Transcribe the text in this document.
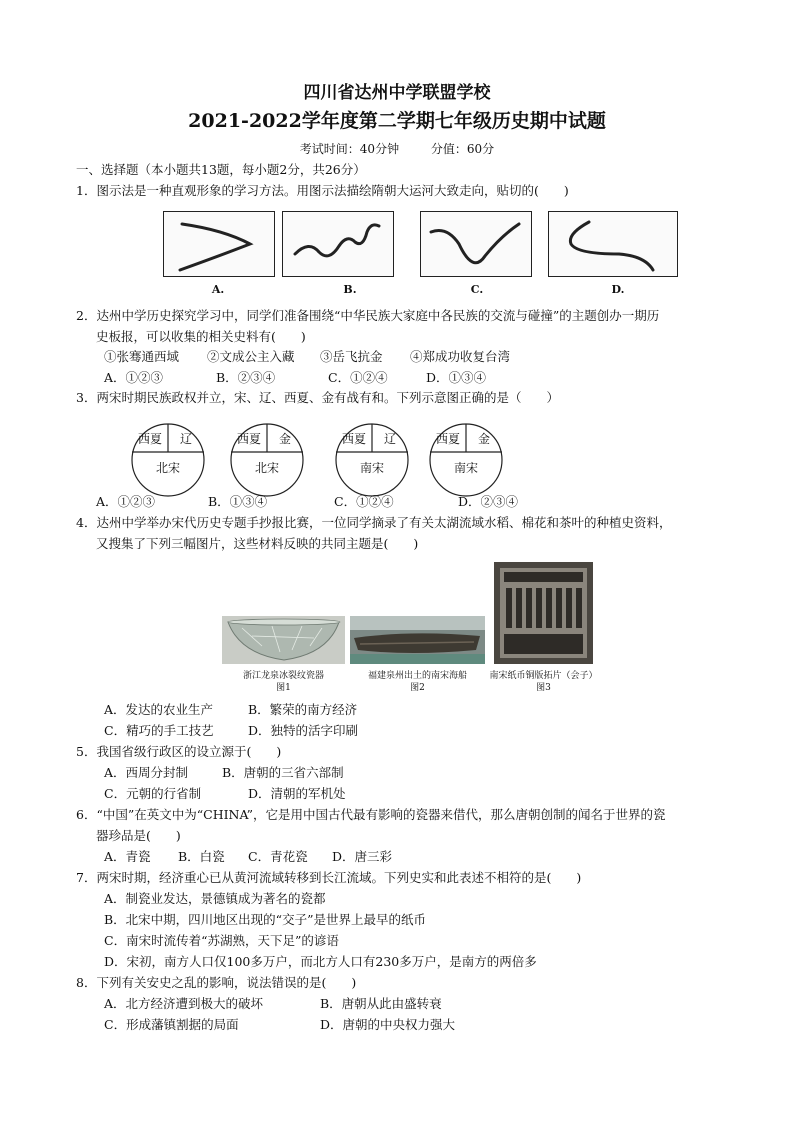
四川省达州中学联盟学校
2021-2022学年度第二学期七年级历史期中试题
考试时间：40分钟	分值：60分
一、选择题（本小题共13题，每小题2分，共26分）
1．图示法是一种直观形象的学习方法。用图示法描绘隋朝大运河大致走向，贴切的(　　)
A.	B.	C.	D.
2．达州中学历史探究学习中，同学们准备围绕“中华民族大家庭中各民族的交流与碰撞”的主题创办一期历
史板报，可以收集的相关史料有(　　)
①张骞通西域 ②文成公主入藏 ③岳飞抗金 ④郑成功收复台湾
A．①②③	B．②③④	C．①②④	D．①③④
3．两宋时期民族政权并立，宋、辽、西夏、金有战有和。下列示意图正确的是（　　）
西夏	辽
北宋
西夏	金
北宋
西夏	辽
南宋
西夏	金
南宋
A．①②③	B．①③④	C．①②④	D．②③④
4．达州中学举办宋代历史专题手抄报比赛，一位同学摘录了有关太湖流域水稻、棉花和茶叶的种植史资料，
又搜集了下列三幅图片，这些材料反映的共同主题是(　　)
浙江龙泉冰裂纹瓷器
图1
福建泉州出土的南宋海船
图2
南宋纸币铜版拓片（会子）
图3
A．发达的农业生产	B．繁荣的南方经济
C．精巧的手工技艺	D．独特的活字印刷
5．我国省级行政区的设立源于(　　)
A．西周分封制	B．唐朝的三省六部制
C．元朝的行省制	D．清朝的军机处
6．“中国”在英文中为“CHINA”，它是用中国古代最有影响的瓷器来借代，那么唐朝创制的闻名于世界的瓷
器珍品是(　　)
A．青瓷 B．白瓷 C．青花瓷 D．唐三彩
7．两宋时期，经济重心已从黄河流域转移到长江流域。下列史实和此表述不相符的是(　　)
A．制瓷业发达，景德镇成为著名的瓷都
B．北宋中期，四川地区出现的“交子”是世界上最早的纸币
C．南宋时流传着“苏湖熟，天下足”的谚语
D．宋初，南方人口仅100多万户，而北方人口有230多万户，是南方的两倍多
8．下列有关安史之乱的影响，说法错误的是(　　)
A．北方经济遭到极大的破坏	B．唐朝从此由盛转衰
C．形成藩镇割据的局面	D．唐朝的中央权力强大
